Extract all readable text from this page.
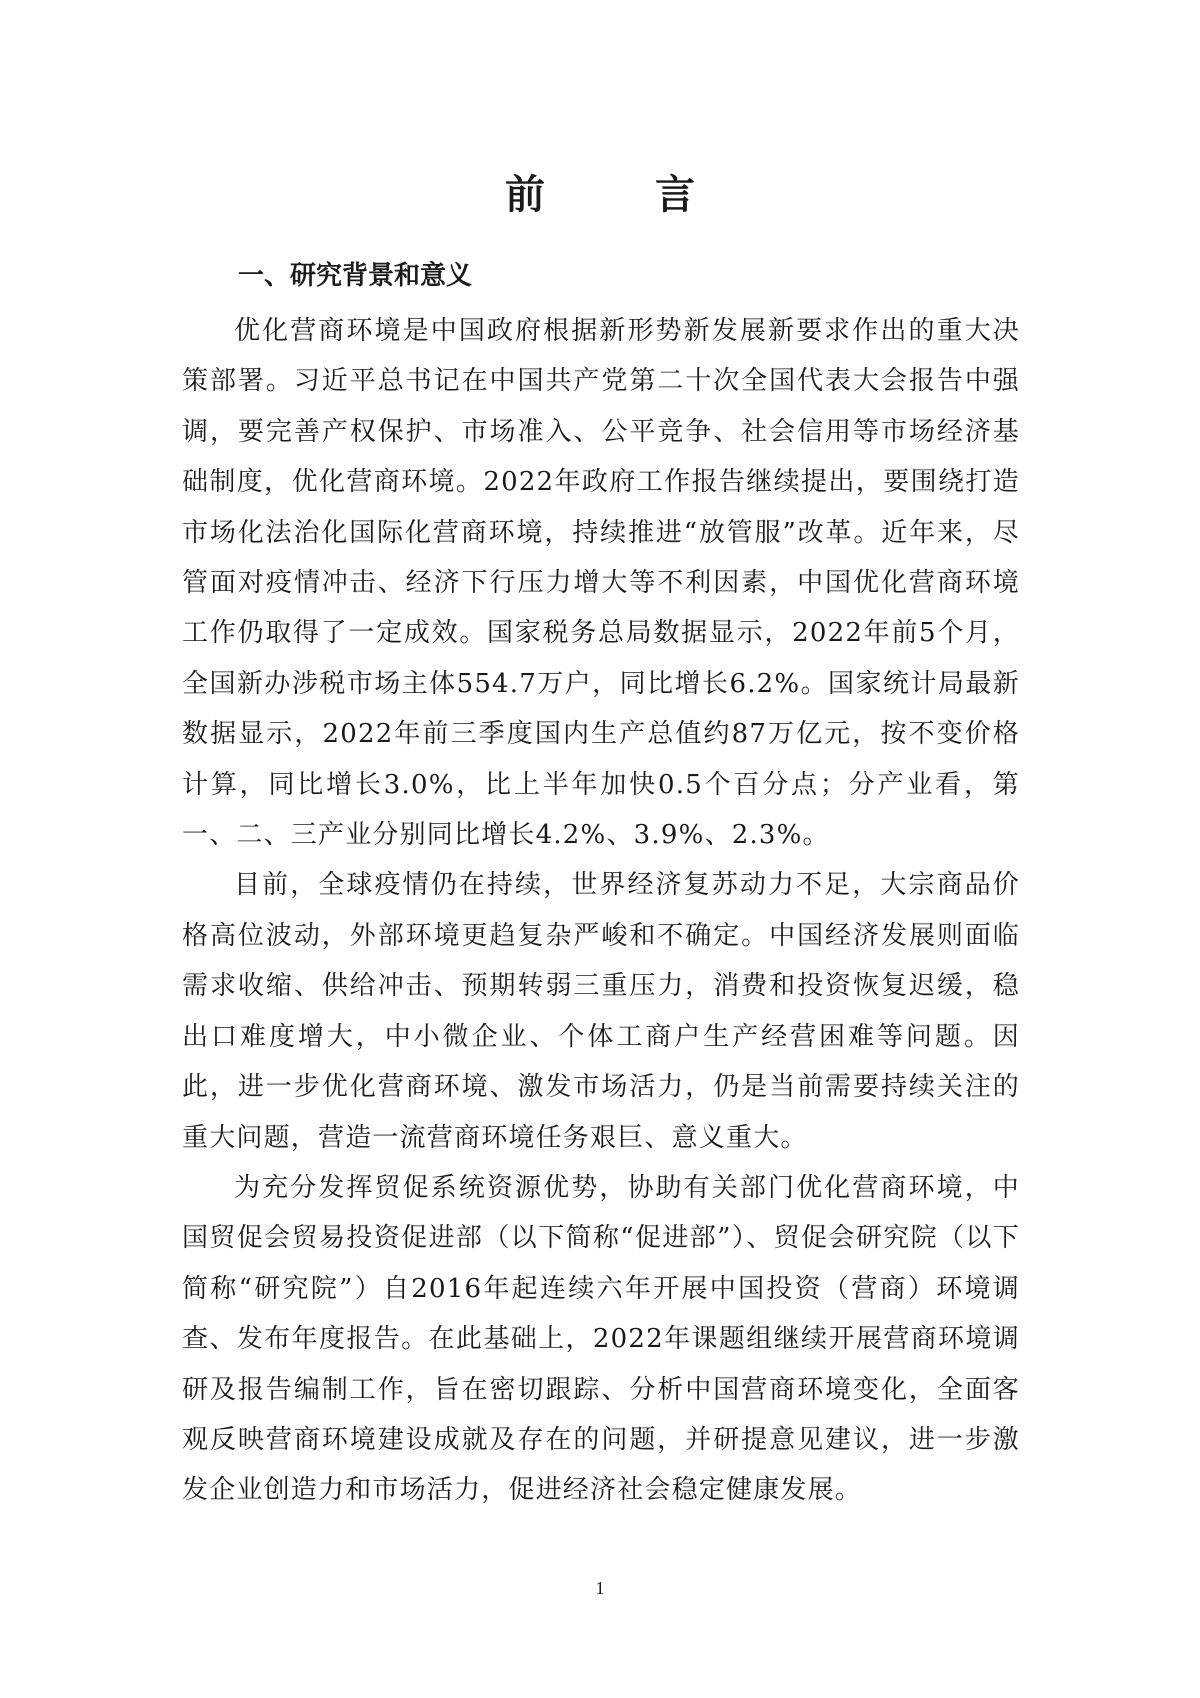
前 言
一、研究背景和意义

优化营商环境是中国政府根据新形势新发展新要求作出的重大决策部署。习近平总书记在中国共产党第二十次全国代表大会报告中强调，要完善产权保护、市场准入、公平竞争、社会信用等市场经济基础制度，优化营商环境。2022年政府工作报告继续提出，要围绕打造市场化法治化国际化营商环境，持续推进“放管服”改革。近年来，尽管面对疫情冲击、经济下行压力增大等不利因素，中国优化营商环境工作仍取得了一定成效。国家税务总局数据显示，2022年前5个月，全国新办涉税市场主体554.7万户，同比增长6.2%。国家统计局最新数据显示，2022年前三季度国内生产总值约87万亿元，按不变价格计算，同比增长3.0%，比上半年加快0.5个百分点；分产业看，第一、二、三产业分别同比增长4.2%、3.9%、2.3%。

目前，全球疫情仍在持续，世界经济复苏动力不足，大宗商品价格高位波动，外部环境更趋复杂严峻和不确定。中国经济发展则面临需求收缩、供给冲击、预期转弱三重压力，消费和投资恢复迟缓，稳出口难度增大，中小微企业、个体工商户生产经营困难等问题。因此，进一步优化营商环境、激发市场活力，仍是当前需要持续关注的重大问题，营造一流营商环境任务艰巨、意义重大。

为充分发挥贸促系统资源优势，协助有关部门优化营商环境，中国贸促会贸易投资促进部（以下简称“促进部”）、贸促会研究院（以下简称“研究院”）自2016年起连续六年开展中国投资（营商）环境调查、发布年度报告。在此基础上，2022年课题组继续开展营商环境调研及报告编制工作，旨在密切跟踪、分析中国营商环境变化，全面客观反映营商环境建设成就及存在的问题，并研提意见建议，进一步激发企业创造力和市场活力，促进经济社会稳定健康发展。

1
